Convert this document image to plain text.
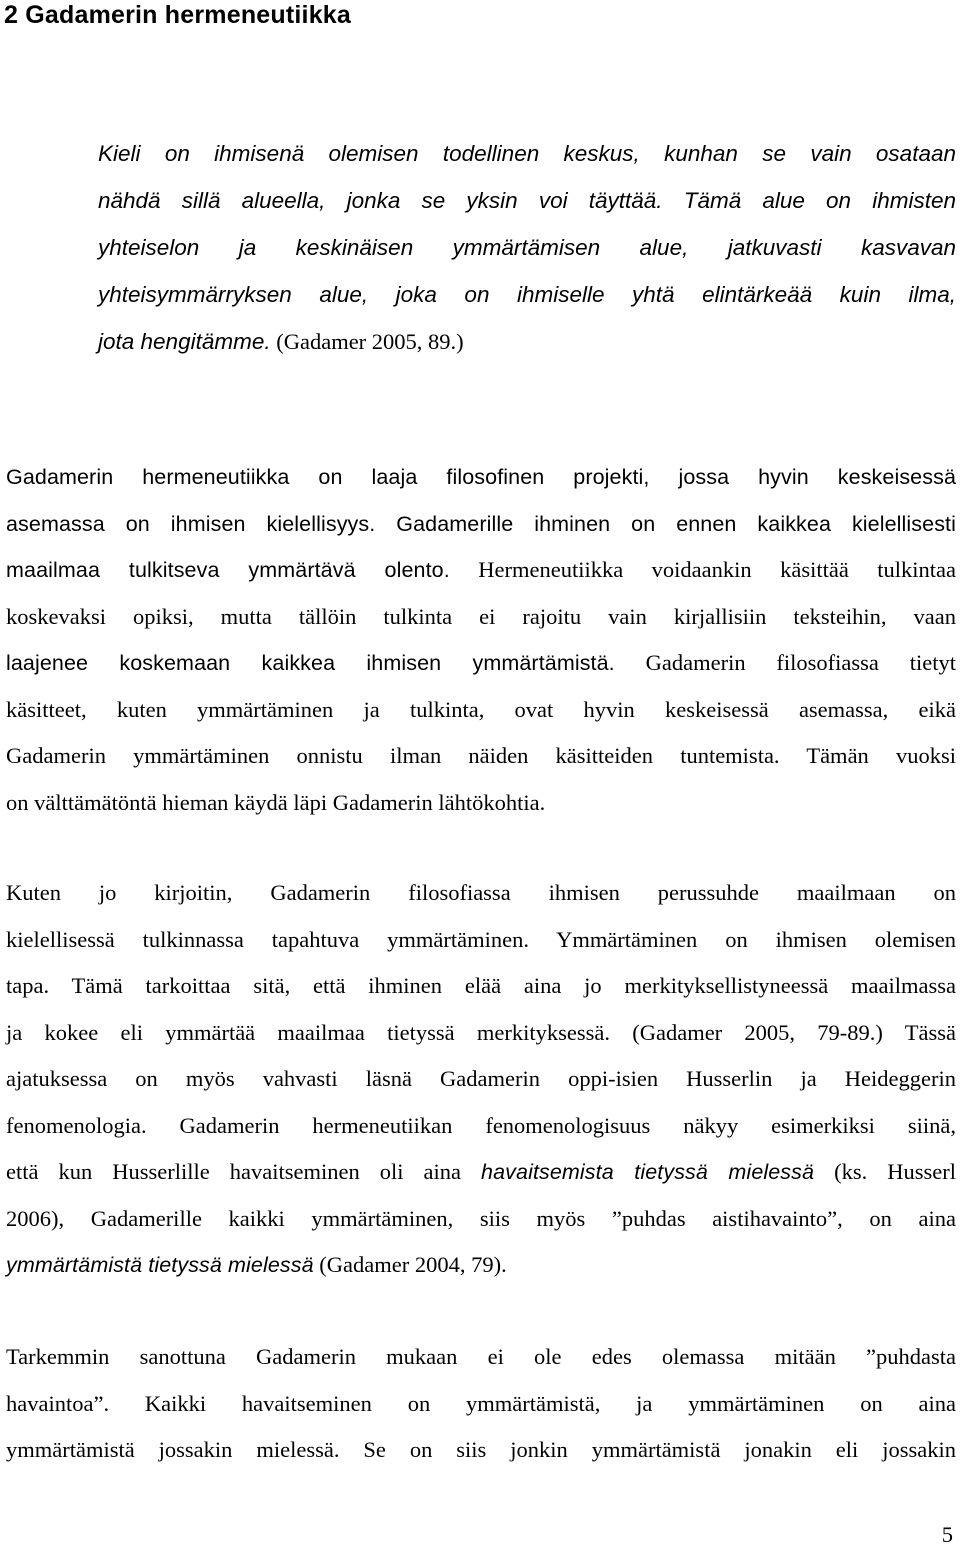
2 Gadamerin hermeneutiikka
Kieli on ihmisenä olemisen todellinen keskus, kunhan se vain osataan
nähdä sillä alueella, jonka se yksin voi täyttää. Tämä alue on ihmisten
yhteiselon ja keskinäisen ymmärtämisen alue, jatkuvasti kasvavan
yhteisymmärryksen alue, joka on ihmiselle yhtä elintärkeää kuin ilma,
jota hengitämme. (Gadamer 2005, 89.)
Gadamerin hermeneutiikka on laaja filosofinen projekti, jossa hyvin keskeisessä
asemassa on ihmisen kielellisyys. Gadamerille ihminen on ennen kaikkea kielellisesti
maailmaa tulkitseva ymmärtävä olento. Hermeneutiikka voidaankin käsittää tulkintaa
koskevaksi opiksi, mutta tällöin tulkinta ei rajoitu vain kirjallisiin teksteihin, vaan
laajenee koskemaan kaikkea ihmisen ymmärtämistä. Gadamerin filosofiassa tietyt
käsitteet, kuten ymmärtäminen ja tulkinta, ovat hyvin keskeisessä asemassa, eikä
Gadamerin ymmärtäminen onnistu ilman näiden käsitteiden tuntemista. Tämän vuoksi
on välttämätöntä hieman käydä läpi Gadamerin lähtökohtia.
Kuten jo kirjoitin, Gadamerin filosofiassa ihmisen perussuhde maailmaan on
kielellisessä tulkinnassa tapahtuva ymmärtäminen. Ymmärtäminen on ihmisen olemisen
tapa. Tämä tarkoittaa sitä, että ihminen elää aina jo merkityksellistyneessä maailmassa
ja kokee eli ymmärtää maailmaa tietyssä merkityksessä. (Gadamer 2005, 79-89.) Tässä
ajatuksessa on myös vahvasti läsnä Gadamerin oppi-isien Husserlin ja Heideggerin
fenomenologia. Gadamerin hermeneutiikan fenomenologisuus näkyy esimerkiksi siinä,
että kun Husserlille havaitseminen oli aina havaitsemista tietyssä mielessä (ks. Husserl
2006), Gadamerille kaikki ymmärtäminen, siis myös ”puhdas aistihavainto”, on aina
ymmärtämistä tietyssä mielessä (Gadamer 2004, 79).
Tarkemmin sanottuna Gadamerin mukaan ei ole edes olemassa mitään ”puhdasta
havaintoa”. Kaikki havaitseminen on ymmärtämistä, ja ymmärtäminen on aina
ymmärtämistä jossakin mielessä. Se on siis jonkin ymmärtämistä jonakin eli jossakin
5
